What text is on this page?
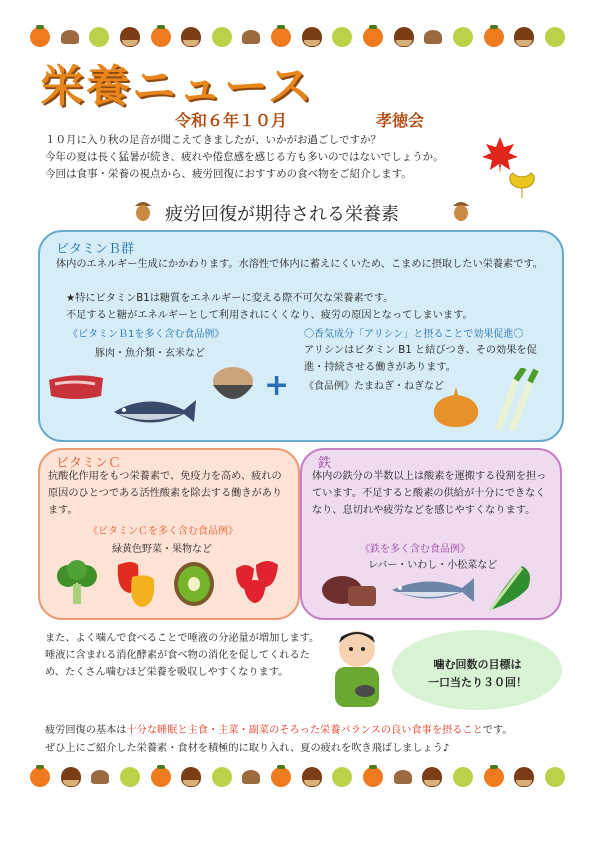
栄養ニュース
令和６年１０月	孝徳会
１０月に入り秋の足音が聞こえてきましたが、いかがお過ごしですか？
今年の夏は長く猛暑が続き、疲れや倦怠感を感じる方も多いのではないでしょうか。
今回は食事・栄養の視点から、疲労回復におすすめの食べ物をご紹介します。
疲労回復が期待される栄養素
ビタミンＢ群
体内のエネルギー生成にかかわります。水溶性で体内に蓄えにくいため、こまめに摂取したい栄養素です。
★特にビタミンB1は糖質をエネルギーに変える際不可欠な栄養素です。
不足すると糖がエネルギーとして利用されにくくなり、疲労の原因となってしまいます。
《ビタミンＢ1を多く含む食品例》
豚肉・魚介類・玄米など
〇香気成分「アリシン」と摂ることで効果促進〇
アリシンはビタミン B1 と結びつき、その効果を促進・持続させる働きがあります。
《食品例》たまねぎ・ねぎなど
+
ビタミンＣ
抗酸化作用をもつ栄養素で、免疫力を高め、疲れの原因のひとつである活性酸素を除去する働きがあります。
《ビタミンＣを多く含む食品例》
緑黄色野菜・果物など
鉄
体内の鉄分の半数以上は酸素を運搬する役割を担っています。不足すると酸素の供給が十分にできなくなり、息切れや疲労などを感じやすくなります。
《鉄を多く含む食品例》
レバー・いわし・小松菜など
また、よく噛んで食べることで唾液の分泌量が増加します。唾液に含まれる消化酵素が食べ物の消化を促してくれるため、たくさん噛むほど栄養を吸収しやすくなります。
噛む回数の目標は
一口当たり３０回！
疲労回復の基本は十分な睡眠と主食・主菜・副菜のそろった栄養バランスの良い食事を摂ることです。
ぜひ上にご紹介した栄養素・食材を積極的に取り入れ、夏の疲れを吹き飛ばしましょう♪
